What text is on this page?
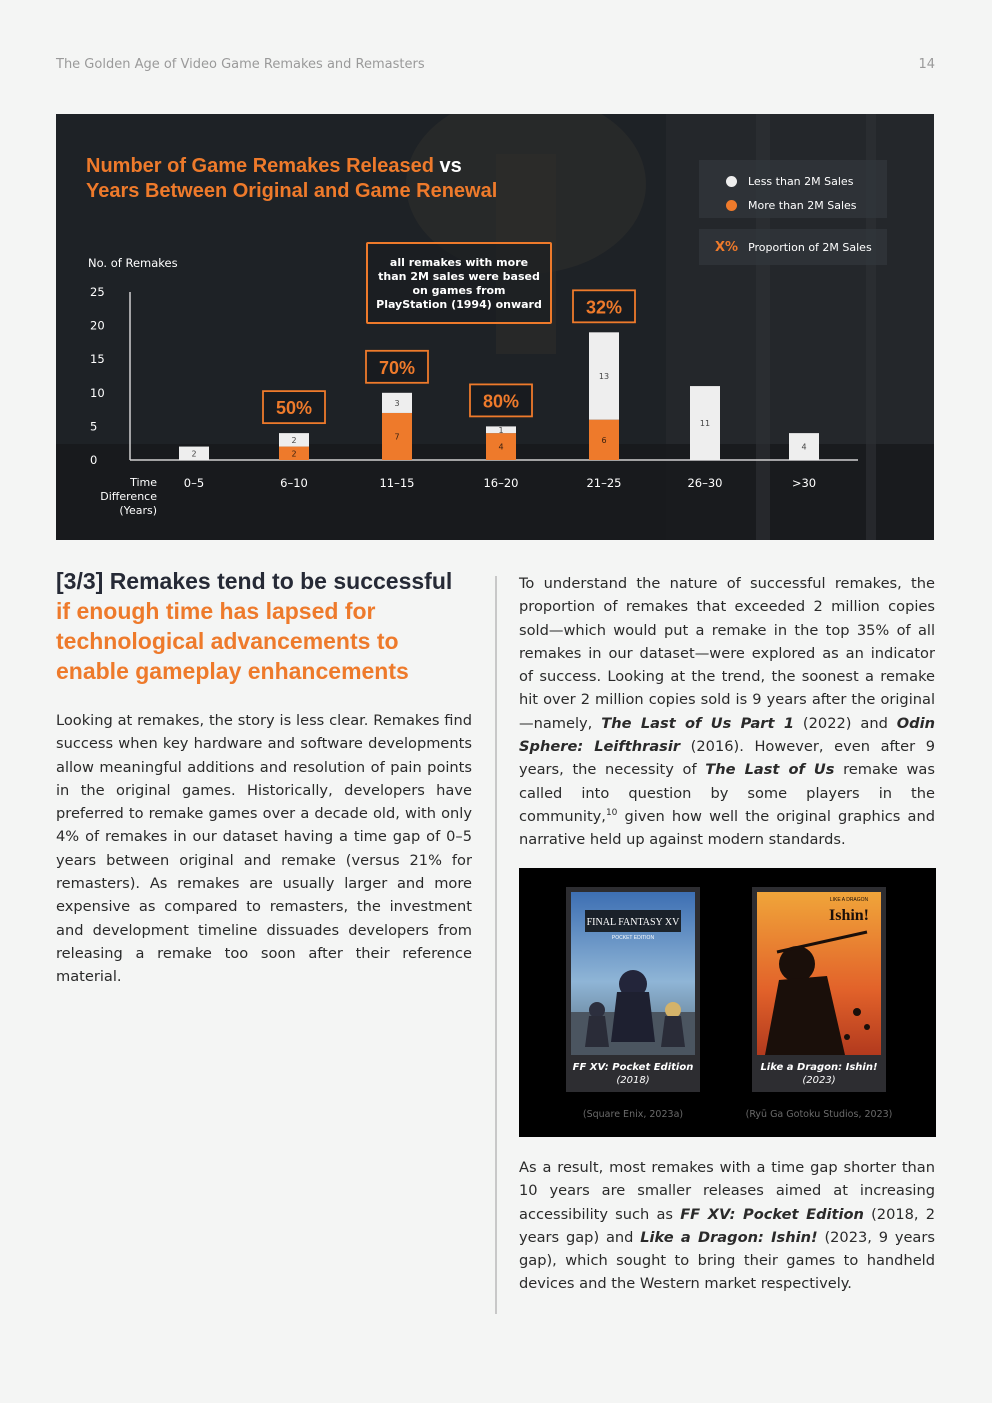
The Golden Age of Video Game Remakes and Remasters	14
Number of Game Remakes Released vs
Years Between Original and Game Renewal	Less than 2M Sales
More than 2M Sales
X% Proportion of 2M Sales
No. of Remakes
0
5
10
15
20
25
Time
Difference
(Years)
0–5
2
6–10
2
2
50%
11–15
7
3
70%
16–20
4
1
80%
21–25
6
13
32%
26–30
11
>30
4
all remakes with more than 2M sales were based on games from PlayStation (1994) onward
[3/3] Remakes tend to be successful
if enough time has lapsed for technological advancements to enable gameplay enhancements

Looking at remakes, the story is less clear. Remakes find success when key hardware and software developments allow meaningful additions and resolution of pain points in the original games. Historically, developers have preferred to remake games over a decade old, with only 4% of remakes in our dataset having a time gap of 0–5 years between original and remake (versus 21% for remasters). As remakes are usually larger and more expensive as compared to remasters, the investment and development timeline dissuades developers from releasing a remake too soon after their reference material.

To understand the nature of successful remakes, the proportion of remakes that exceeded 2 million copies sold—which would put a remake in the top 35% of all remakes in our dataset—were explored as an indicator of success. Looking at the trend, the soonest a remake hit over 2 million copies sold is 9 years after the original—namely, The Last of Us Part 1 (2022) and Odin Sphere: Leifthrasir (2016). However, even after 9 years, the necessity of The Last of Us remake was called into question by some players in the community,$^{10}$ given how well the original graphics and narrative held up against modern standards.

FINAL FANTASY XV
POCKET EDITION
FF XV: Pocket Edition
(2018)
(Square Enix, 2023a)
LIKE A DRAGON
Ishin!
Like a Dragon: Ishin!
(2023)
(Ryū Ga Gotoku Studios, 2023)

As a result, most remakes with a time gap shorter than 10 years are smaller releases aimed at increasing accessibility such as FF XV: Pocket Edition (2018, 2 years gap) and Like a Dragon: Ishin! (2023, 9 years gap), which sought to bring their games to handheld devices and the Western market respectively.
